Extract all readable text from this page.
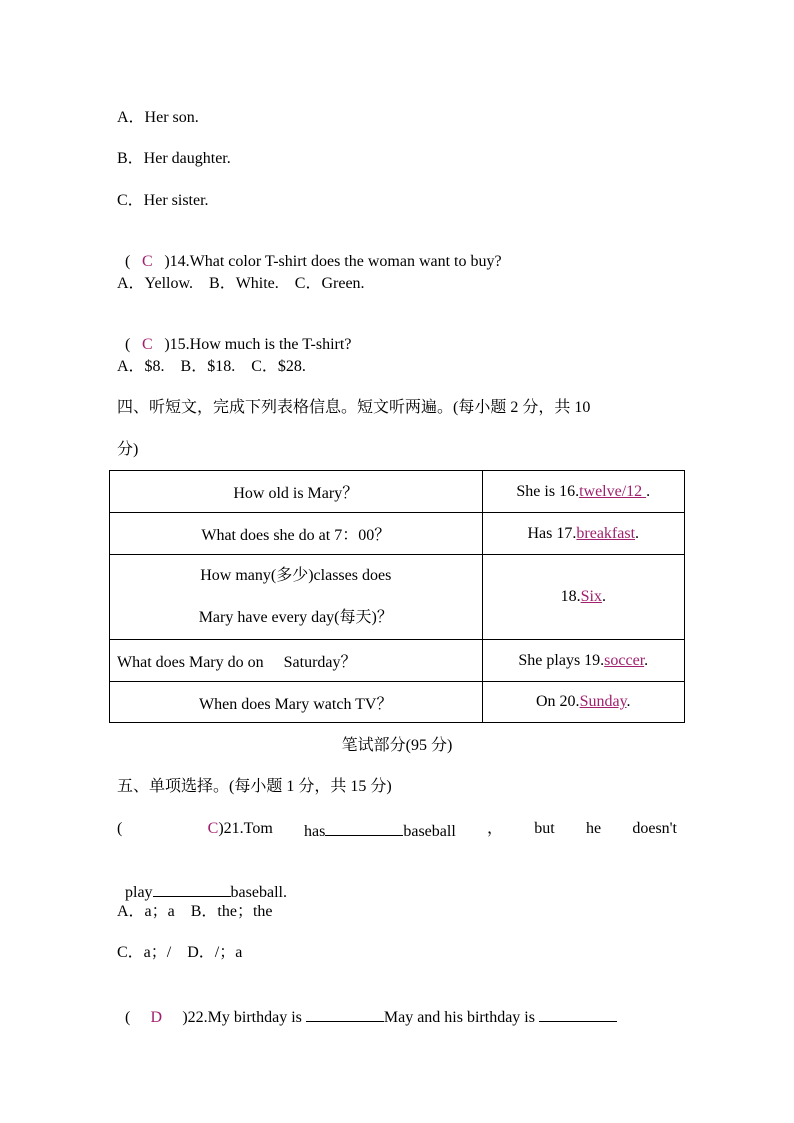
A．Her son.
B．Her daughter.
C．Her sister.

( C )14.What color T-shirt does the woman want to buy?

A．Yellow.　B．White.　C．Green.

( C )15.How much is the T-shirt?

A．$8.　B．$18.　C．$28.
四、听短文，完成下列表格信息。短文听两遍。(每小题 2 分，共 10
分)
How old is Mary？	She is 16.twelve/12 .
What does she do at 7：00？	Has 17.breakfast.

How many(多少)classes does
Mary have every day(每天)？	18.Six.
What does Mary do on　 Saturday？	She plays 19.soccer.
When does Mary watch TV？	On 20.Sunday.
笔试部分(95 分)
五、单项选择。(每小题 1 分，共 15 分)
(	C)21.Tom has	baseball ， but he doesn't

play	baseball.

A．a；a　B．the；the
C．a；/　D．/；a

( D )22.My birthday is	May and his birthday is
